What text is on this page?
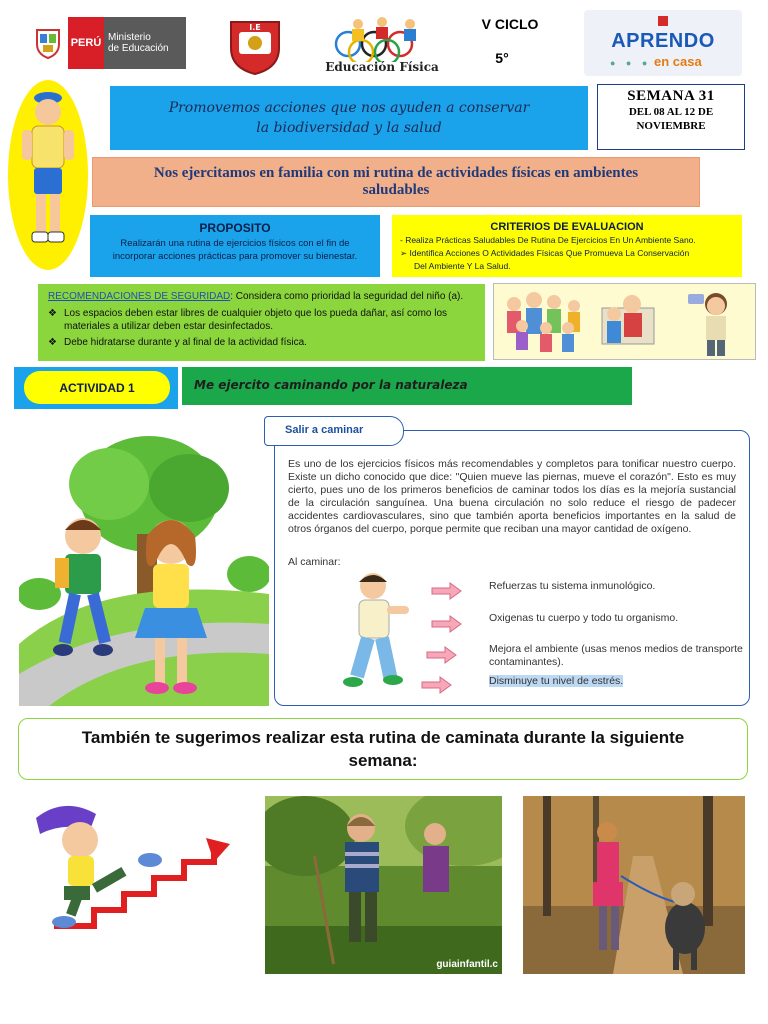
PERÚ Ministerio
de Educación
I.E
Educación Física
V CICLO
5°
APRENDO
● ● ● en casa
Promovemos acciones que nos ayuden a conservar
la biodiversidad y la salud
SEMANA 31
DEL 08 AL 12 DE
NOVIEMBRE
Nos ejercitamos en familia con mi rutina de actividades físicas en ambientes saludables
PROPOSITO
Realizarán una rutina de ejercicios físicos con el fin de incorporar acciones prácticas para promover su bienestar.
CRITERIOS DE EVALUACION
- Realiza Prácticas Saludables De Rutina De Ejercicios En Un Ambiente Sano.
➢ Identifica Acciones O Actividades Físicas Que Promueva La Conservación
Del Ambiente Y La Salud.
RECOMENDACIONES DE SEGURIDAD: Considera como prioridad la seguridad del niño (a).
❖ Los espacios deben estar libres de cualquier objeto que los pueda dañar, así como los materiales a utilizar deben estar desinfectados.
❖ Debe hidratarse durante y al final de la actividad física.
ACTIVIDAD 1	Me ejercito caminando por la naturaleza
Salir a caminar
Es uno de los ejercicios físicos más recomendables y completos para tonificar nuestro cuerpo. Existe un dicho conocido que dice: "Quien mueve las piernas, mueve el corazón". Esto es muy cierto, pues uno de los primeros beneficios de caminar todos los días es la mejoría sustancial de la circulación sanguínea. Una buena circulación no solo reduce el riesgo de padecer accidentes cardiovasculares, sino que también aporta beneficios importantes en la salud de otros órganos del cuerpo, porque permite que reciban una mayor cantidad de oxígeno.
Al caminar:
Refuerzas tu sistema inmunológico.
Oxigenas tu cuerpo y todo tu organismo.
Mejora el ambiente (usas menos medios de transporte contaminantes).
Disminuye tu nivel de estrés.
También te sugerimos realizar esta rutina de caminata durante la siguiente semana:
guiainfantil.c
